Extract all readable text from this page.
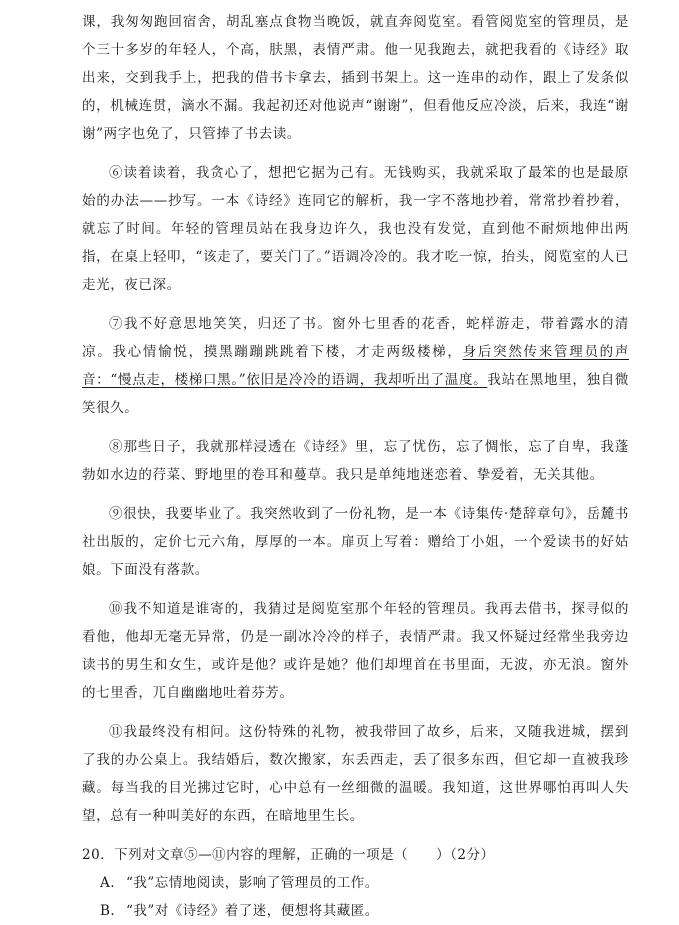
课，我匆匆跑回宿舍，胡乱塞点食物当晚饭，就直奔阅览室。看管阅览室的管理员，是个三十多岁的年轻人，个高，肤黑，表情严肃。他一见我跑去，就把我看的《诗经》取出来，交到我手上，把我的借书卡拿去，插到书架上。这一连串的动作，跟上了发条似的，机械连贯，滴水不漏。我起初还对他说声“谢谢”，但看他反应冷淡，后来，我连“谢谢”两字也免了，只管捧了书去读。

⑥读着读着，我贪心了，想把它据为己有。无钱购买，我就采取了最笨的也是最原始的办法——抄写。一本《诗经》连同它的解析，我一字不落地抄着，常常抄着抄着，就忘了时间。年轻的管理员站在我身边许久，我也没有发觉，直到他不耐烦地伸出两指，在桌上轻叩，“该走了，要关门了。”语调冷冷的。我才吃一惊，抬头，阅览室的人已走光，夜已深。

⑦我不好意思地笑笑，归还了书。窗外七里香的花香，蛇样游走，带着露水的清凉。我心情愉悦，摸黑蹦蹦跳跳着下楼，才走两级楼梯，身后突然传来管理员的声音：“慢点走，楼梯口黑。”依旧是冷冷的语调，我却听出了温度。我站在黑地里，独自微笑很久。

⑧那些日子，我就那样浸透在《诗经》里，忘了忧伤，忘了惆怅，忘了自卑，我蓬勃如水边的荇菜、野地里的卷耳和蔓草。我只是单纯地迷恋着、挚爱着，无关其他。

⑨很快，我要毕业了。我突然收到了一份礼物，是一本《诗集传·楚辞章句》，岳麓书社出版的，定价七元六角，厚厚的一本。扉页上写着：赠给丁小姐，一个爱读书的好姑娘。下面没有落款。

⑩我不知道是谁寄的，我猜过是阅览室那个年轻的管理员。我再去借书，探寻似的看他，他却无毫无异常，仍是一副冰冷冷的样子，表情严肃。我又怀疑过经常坐我旁边读书的男生和女生，或许是他？或许是她？他们却埋首在书里面，无波，亦无浪。窗外的七里香，兀自幽幽地吐着芬芳。

⑪我最终没有相问。这份特殊的礼物，被我带回了故乡，后来，又随我进城，摆到了我的办公桌上。我结婚后，数次搬家，东丢西走，丢了很多东西，但它却一直被我珍藏。每当我的目光拂过它时，心中总有一丝细微的温暖。我知道，这世界哪怕再叫人失望，总有一种叫美好的东西，在暗地里生长。

20．下列对文章⑤—⑪内容的理解，正确的一项是（　　）（2分）

A. “我”忘情地阅读，影响了管理员的工作。

B. “我”对《诗经》着了迷，便想将其藏匿。
